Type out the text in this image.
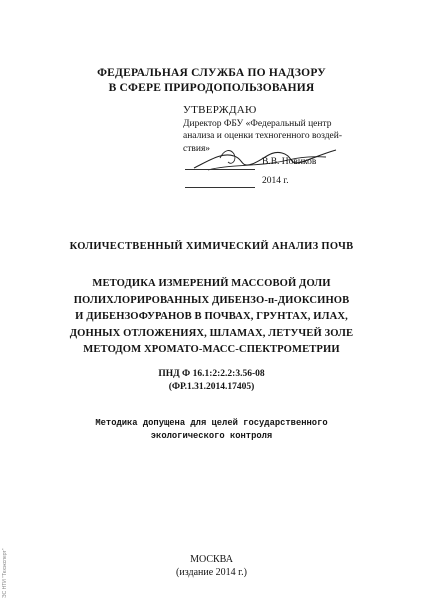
ФЕДЕРАЛЬНАЯ СЛУЖБА ПО НАДЗОРУ
В СФЕРЕ ПРИРОДОПОЛЬЗОВАНИЯ
УТВЕРЖДАЮ
Директор ФБУ «Федеральный центр
анализа и оценки техногенного воздей-
ствия»
В.В. Новиков
2014 г.
КОЛИЧЕСТВЕННЫЙ ХИМИЧЕСКИЙ АНАЛИЗ ПОЧВ
МЕТОДИКА ИЗМЕРЕНИЙ МАССОВОЙ ДОЛИ
ПОЛИХЛОРИРОВАННЫХ ДИБЕНЗО-п-ДИОКСИНОВ
И ДИБЕНЗОФУРАНОВ В ПОЧВАХ, ГРУНТАХ, ИЛАХ,
ДОННЫХ ОТЛОЖЕНИЯХ, ШЛАМАХ, ЛЕТУЧЕЙ ЗОЛЕ
МЕТОДОМ ХРОМАТО-МАСС-СПЕКТРОМЕТРИИ
ПНД Ф 16.1:2:2.2:3.56-08
(ФР.1.31.2014.17405)
Методика допущена для целей государственного
экологического контроля
МОСКВА
(издание 2014 г.)
ЭС НТИ "Техэксперт"
